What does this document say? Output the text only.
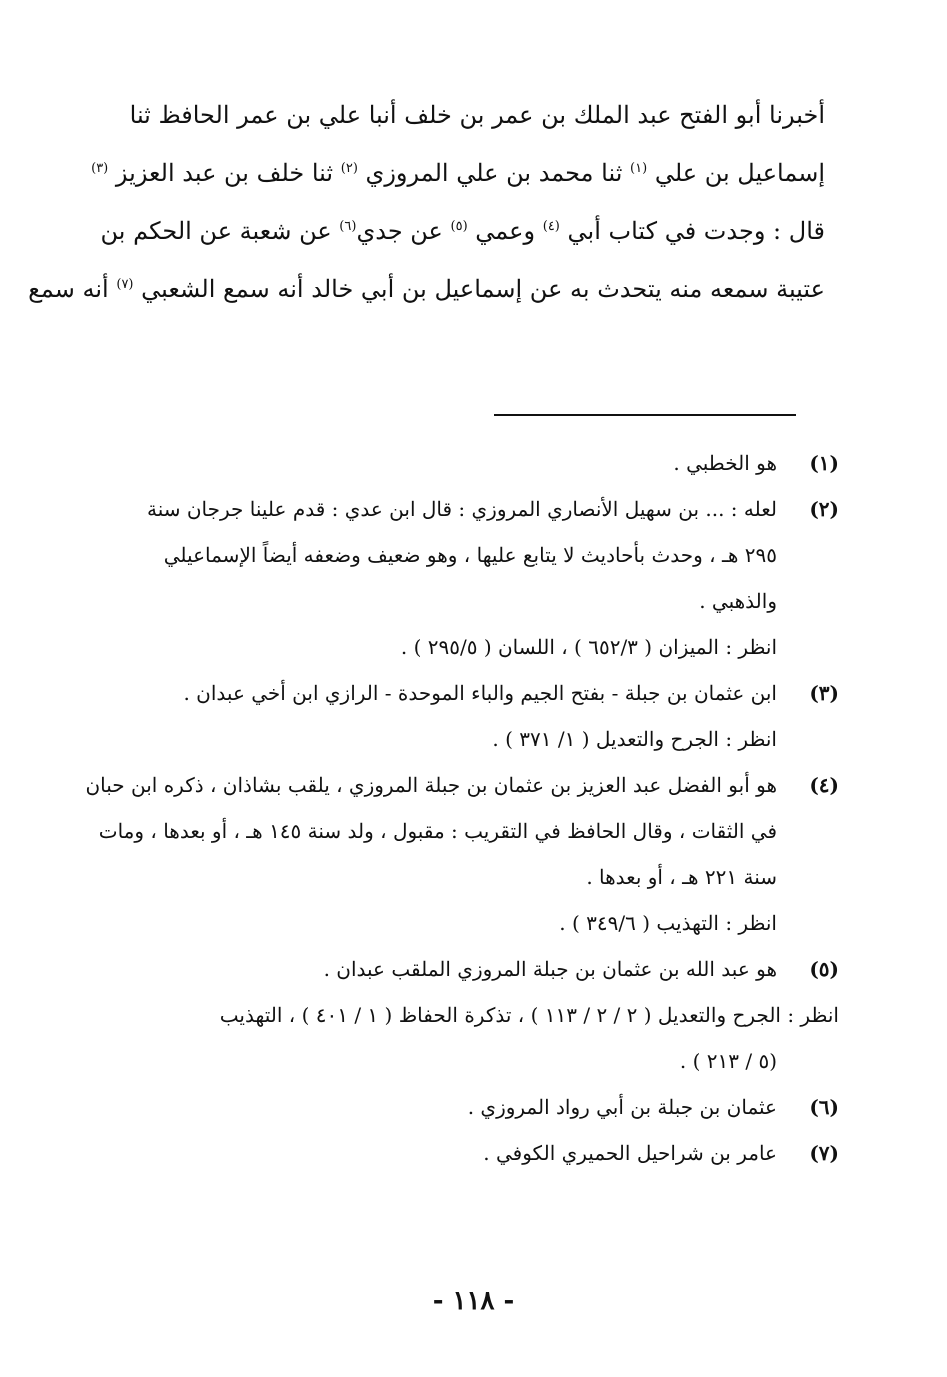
أخبرنا أبو الفتح عبد الملك بن عمر بن خلف أنبا علي بن عمر الحافظ ثنا
إسماعيل بن علي $^{(١)}$ ثنا محمد بن علي المروزي $^{(٢)}$ ثنا خلف بن عبد العزيز $^{(٣)}$
قال : وجدت في كتاب أبي $^{(٤)}$ وعمي $^{(٥)}$ عن جدي$^{(٦)}$ عن شعبة عن الحكم بن
عتيبة سمعه منه يتحدث به عن إسماعيل بن أبي خالد أنه سمع الشعبي $^{(٧)}$ أنه سمع
(١)
هو الخطبي .
(٢)
لعله : ... بن سهيل الأنصاري المروزي : قال ابن عدي : قدم علينا جرجان سنة
٢٩٥ هـ ، وحدث بأحاديث لا يتابع عليها ، وهو ضعيف وضعفه أيضاً الإسماعيلي
والذهبي .
انظر : الميزان ( ٦٥٢/٣ ) ، اللسان ( ٢٩٥/٥ ) .
(٣)
ابن عثمان بن جبلة - بفتح الجيم والباء الموحدة - الرازي ابن أخي عبدان .
انظر : الجرح والتعديل ( ١/ ٣٧١ ) .
(٤)
هو أبو الفضل عبد العزيز بن عثمان بن جبلة المروزي ، يلقب بشاذان ، ذكره ابن حبان
في الثقات ، وقال الحافظ في التقريب : مقبول ، ولد سنة ١٤٥ هـ ، أو بعدها ، ومات
سنة ٢٢١ هـ ، أو بعدها .
انظر : التهذيب ( ٣٤٩/٦ ) .
(٥)
هو عبد الله بن عثمان بن جبلة المروزي الملقب عبدان .
انظر : الجرح والتعديل ( ٢ / ٢ / ١١٣ ) ، تذكرة الحفاظ ( ١ / ٤٠١ ) ، التهذيب
(٥ / ٢١٣ ) .
(٦)
عثمان بن جبلة بن أبي رواد المروزي .
(٧)
عامر بن شراحيل الحميري الكوفي .
- ١١٨ -
